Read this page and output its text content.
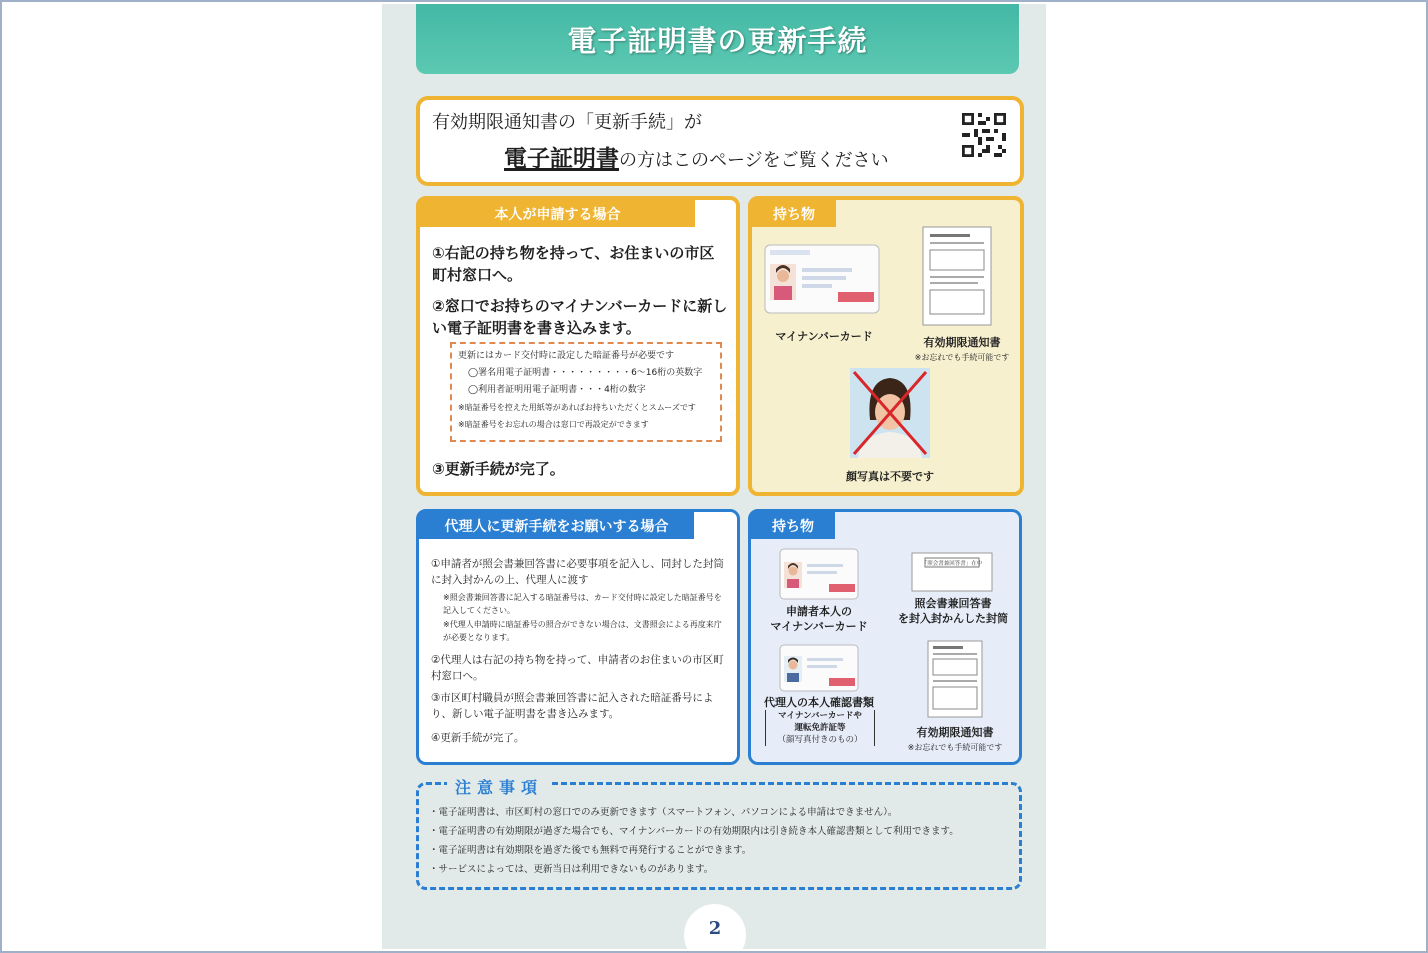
電子証明書の更新手続
有効期限通知書の「更新手続」が
電子証明書の方はこのページをご覧ください
本人が申請する場合
①右記の持ち物を持って、お住まいの市区町村窓口へ。
②窓口でお持ちのマイナンバーカードに新しい電子証明書を書き込みます。
更新にはカード交付時に設定した暗証番号が必要です
◯署名用電子証明書・・・・・・・・・6～16桁の英数字
◯利用者証明用電子証明書・・・4桁の数字
※暗証番号を控えた用紙等があればお持ちいただくとスムーズです
※暗証番号をお忘れの場合は窓口で再設定ができます
③更新手続が完了。
持ち物
マイナンバーカード	有効期限通知書
※お忘れでも手続可能です
顔写真は不要です
代理人に更新手続をお願いする場合
①申請者が照会書兼回答書に必要事項を記入し、同封した封筒に封入封かんの上、代理人に渡す
※照会書兼回答書に記入する暗証番号は、カード交付時に設定した暗証番号を記入してください。
※代理人申請時に暗証番号の照合ができない場合は、文書照会による再度来庁が必要となります。
②代理人は右記の持ち物を持って、申請者のお住まいの市区町村窓口へ。
③市区町村職員が照会書兼回答書に記入された暗証番号により、新しい電子証明書を書き込みます。
④更新手続が完了。
持ち物
申請者本人の
マイナンバーカード
「照会書兼回答書」在中
照会書兼回答書
を封入封かんした封筒
代理人の本人確認書類
マイナンバーカードや
運転免許証等
（顔写真付きのもの）
有効期限通知書
※お忘れでも手続可能です
注意事項
・電子証明書は、市区町村の窓口でのみ更新できます（スマートフォン、パソコンによる申請はできません）。
・電子証明書の有効期限が過ぎた場合でも、マイナンバーカードの有効期限内は引き続き本人確認書類として利用できます。
・電子証明書は有効期限を過ぎた後でも無料で再発行することができます。
・サービスによっては、更新当日は利用できないものがあります。
2
